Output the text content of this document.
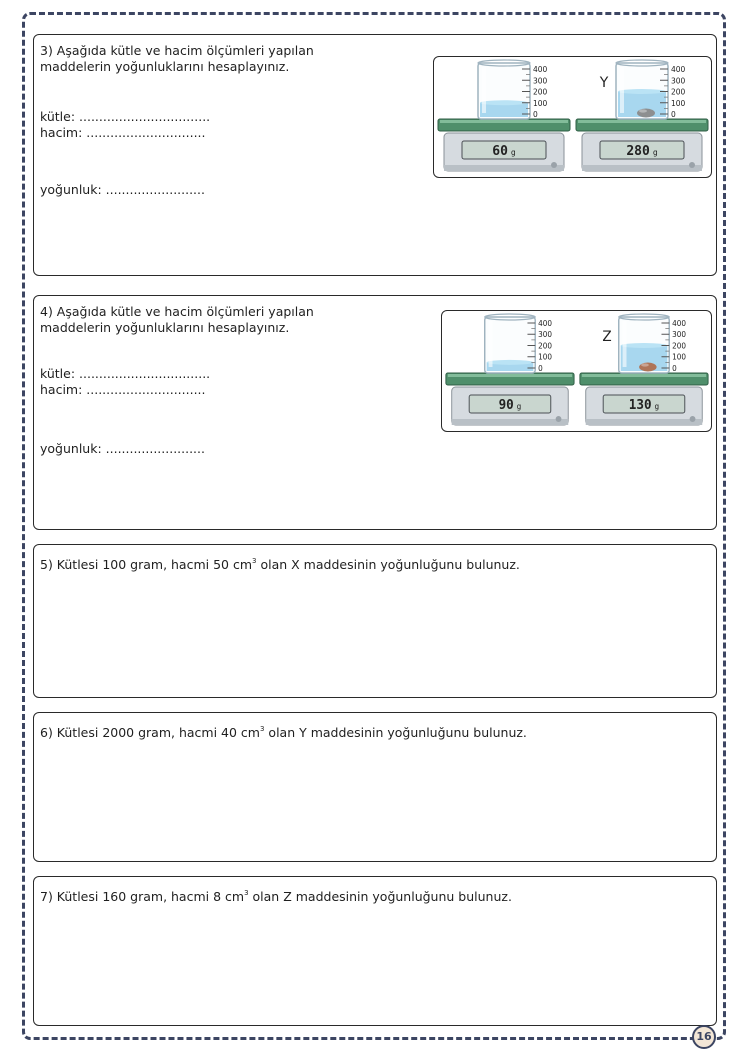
3) Aşağıda kütle ve hacim ölçümleri yapılan
maddelerin yoğunluklarını hesaplayınız.
kütle: .................................
hacim: ..............................
yoğunluk: .........................
60 g
400
300
200
100
0
280 g
Y
400
300
200
100
0
4) Aşağıda kütle ve hacim ölçümleri yapılan
maddelerin yoğunluklarını hesaplayınız.
kütle: .................................
hacim: ..............................
yoğunluk: .........................
90 g
400
300
200
100
0
130 g
Z
400
300
200
100
0
5) Kütlesi 100 gram, hacmi 50 $cm^3$ olan X maddesinin yoğunluğunu bulunuz.
6) Kütlesi 2000 gram, hacmi 40 $cm^3$ olan Y maddesinin yoğunluğunu bulunuz.
7) Kütlesi 160 gram, hacmi 8 $cm^3$ olan Z maddesinin yoğunluğunu bulunuz.
16
